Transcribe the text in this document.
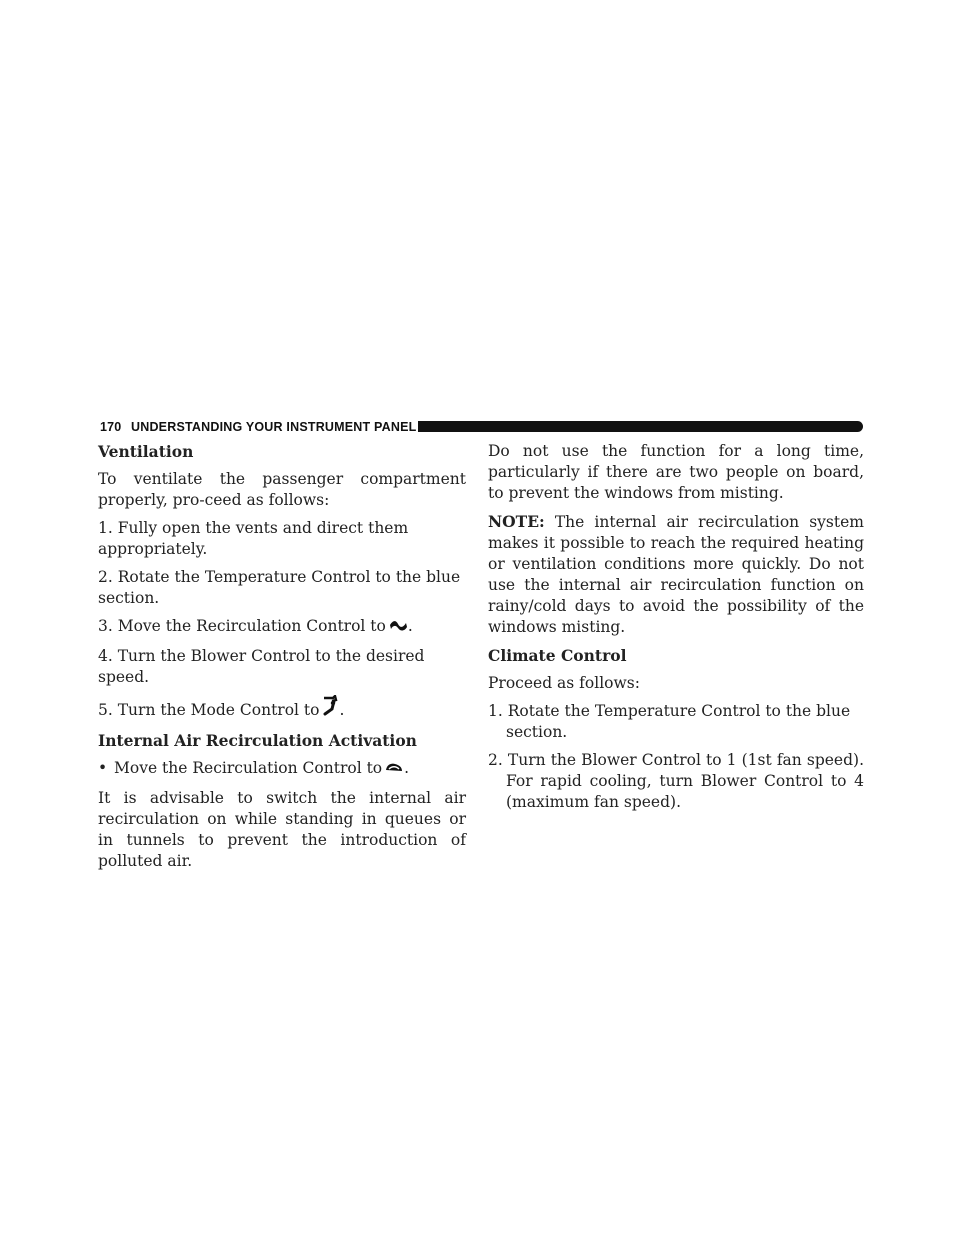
170 UNDERSTANDING YOUR INSTRUMENT PANEL

Ventilation

To ventilate the passenger compartment properly, pro-ceed as follows:

1. Fully open the vents and direct them appropriately.

2. Rotate the Temperature Control to the blue section.

3. Move the Recirculation Control to .

4. Turn the Blower Control to the desired speed.

5. Turn the Mode Control to .

Internal Air Recirculation Activation

• Move the Recirculation Control to .

It is advisable to switch the internal air recirculation on while standing in queues or in tunnels to prevent the introduction of polluted air.

Do not use the function for a long time, particularly if there are two people on board, to prevent the windows from misting.

NOTE: The internal air recirculation system makes it possible to reach the required heating or ventilation conditions more quickly. Do not use the internal air recirculation function on rainy/cold days to avoid the possibility of the windows misting.

Climate Control

Proceed as follows:

1. Rotate the Temperature Control to the blue section.

2. Turn the Blower Control to 1 (1st fan speed). For rapid cooling, turn Blower Control to 4 (maximum fan speed).
